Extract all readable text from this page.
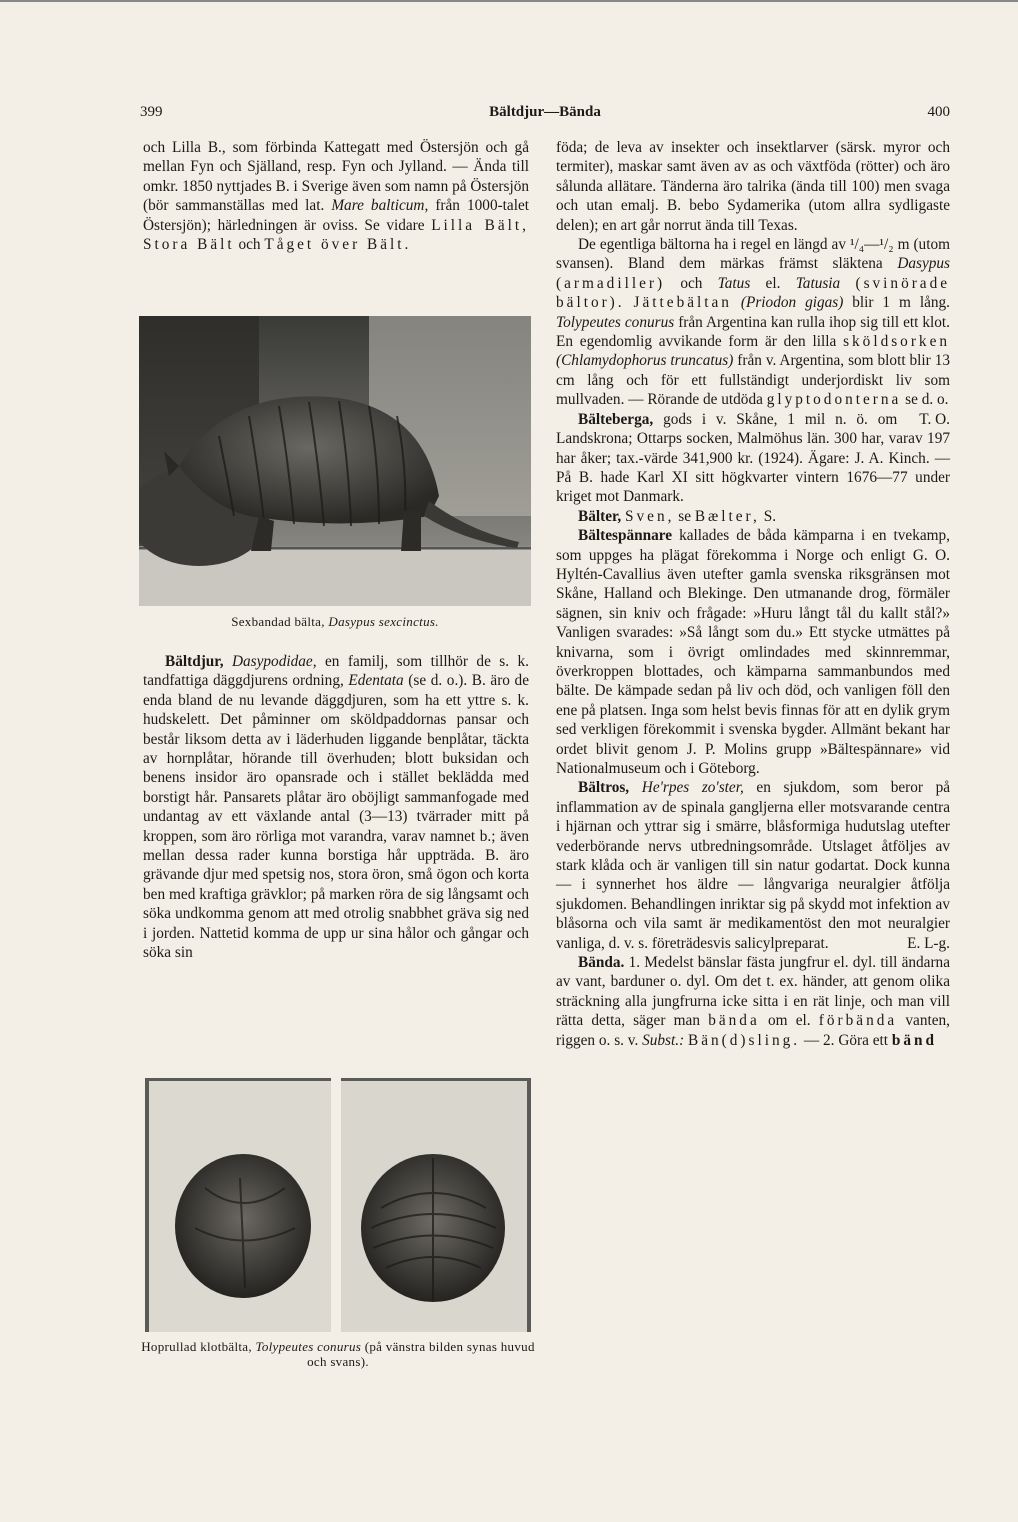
399	Bältdjur—Bända	400

och Lilla B., som förbinda Kattegatt med Östersjön och gå mellan Fyn och Själland, resp. Fyn och Jylland. — Ända till omkr. 1850 nyttjades B. i Sverige även som namn på Östersjön (bör sammanställas med lat. Mare balticum, från 1000-talet Östersjön); härledningen är oviss. Se vidare Lilla Bält, Stora Bält och Tåget över Bält.

Sexbandad bälta, Dasypus sexcinctus.

Bältdjur, Dasypodidae, en familj, som tillhör de s. k. tandfattiga däggdjurens ordning, Edentata (se d. o.). B. äro de enda bland de nu levande däggdjuren, som ha ett yttre s. k. hudskelett. Det påminner om sköldpaddornas pansar och består liksom detta av i läderhuden liggande benplåtar, täckta av hornplåtar, hörande till överhuden; blott buksidan och benens insidor äro opansrade och i stället beklädda med borstigt hår. Pansarets plåtar äro oböjligt sammanfogade med undantag av ett växlande antal (3—13) tvärrader mitt på kroppen, som äro rörliga mot varandra, varav namnet b.; även mellan dessa rader kunna borstiga hår uppträda. B. äro grävande djur med spetsig nos, stora öron, små ögon och korta ben med kraftiga grävklor; på marken röra de sig långsamt och söka undkomma genom att med otrolig snabbhet gräva sig ned i jorden. Nattetid komma de upp ur sina hålor och gångar och söka sin

Hoprullad klotbälta, Tolypeutes conurus (på vänstra bilden synas huvud och svans).

föda; de leva av insekter och insektlarver (särsk. myror och termiter), maskar samt även av as och växtföda (rötter) och äro sålunda allätare. Tänderna äro talrika (ända till 100) men svaga och utan emalj. B. bebo Sydamerika (utom allra sydligaste delen); en art går norrut ända till Texas.

De egentliga bältorna ha i regel en längd av ¹/₄—¹/₂ m (utom svansen). Bland dem märkas främst släktena Dasypus (armadiller) och Tatus el. Tatusia (svinörade bältor). Jättebältan (Priodon gigas) blir 1 m lång. Tolypeutes conurus från Argentina kan rulla ihop sig till ett klot. En egendomlig avvikande form är den lilla sköldsorken (Chlamydophorus truncatus) från v. Argentina, som blott blir 13 cm lång och för ett fullständigt underjordiskt liv som mullvaden. — Rörande de utdöda glyptodonterna se d. o.
T. O.

Bälteberga, gods i v. Skåne, 1 mil n. ö. om Landskrona; Ottarps socken, Malmöhus län. 300 har, varav 197 har åker; tax.-värde 341,900 kr. (1924). Ägare: J. A. Kinch. — På B. hade Karl XI sitt högkvarter vintern 1676—77 under kriget mot Danmark.

Bälter, Sven, se Bælter, S.

Bältespännare kallades de båda kämparna i en tvekamp, som uppges ha plägat förekomma i Norge och enligt G. O. Hyltén-Cavallius även utefter gamla svenska riksgränsen mot Skåne, Halland och Blekinge. Den utmanande drog, förmäler sägnen, sin kniv och frågade: »Huru långt tål du kallt stål?» Vanligen svarades: »Så långt som du.» Ett stycke utmättes på knivarna, som i övrigt omlindades med skinnremmar, överkroppen blottades, och kämparna sammanbundos med bälte. De kämpade sedan på liv och död, och vanligen föll den ene på platsen. Inga som helst bevis finnas för att en dylik grym sed verkligen förekommit i svenska bygder. Allmänt bekant har ordet blivit genom J. P. Molins grupp »Bältespännare» vid Nationalmuseum och i Göteborg.

Bältros, He'rpes zo'ster, en sjukdom, som beror på inflammation av de spinala gangljerna eller motsvarande centra i hjärnan och yttrar sig i smärre, blåsformiga hudutslag utefter vederbörande nervs utbredningsområde. Utslaget åtföljes av stark klåda och är vanligen till sin natur godartat. Dock kunna — i synnerhet hos äldre — långvariga neuralgier åtfölja sjukdomen. Behandlingen inriktar sig på skydd mot infektion av blåsorna och vila samt är medikamentöst den mot neuralgier vanliga, d. v. s. företrädesvis salicylpreparat.	E. L-g.

Bända. 1. Medelst bänslar fästa jungfrur el. dyl. till ändarna av vant, barduner o. dyl. Om det t. ex. händer, att genom olika sträckning alla jungfrurna icke sitta i en rät linje, och man vill rätta detta, säger man bända om el. förbända vanten, riggen o. s. v. Subst.: Bän(d)sling. — 2. Göra ett bänd
